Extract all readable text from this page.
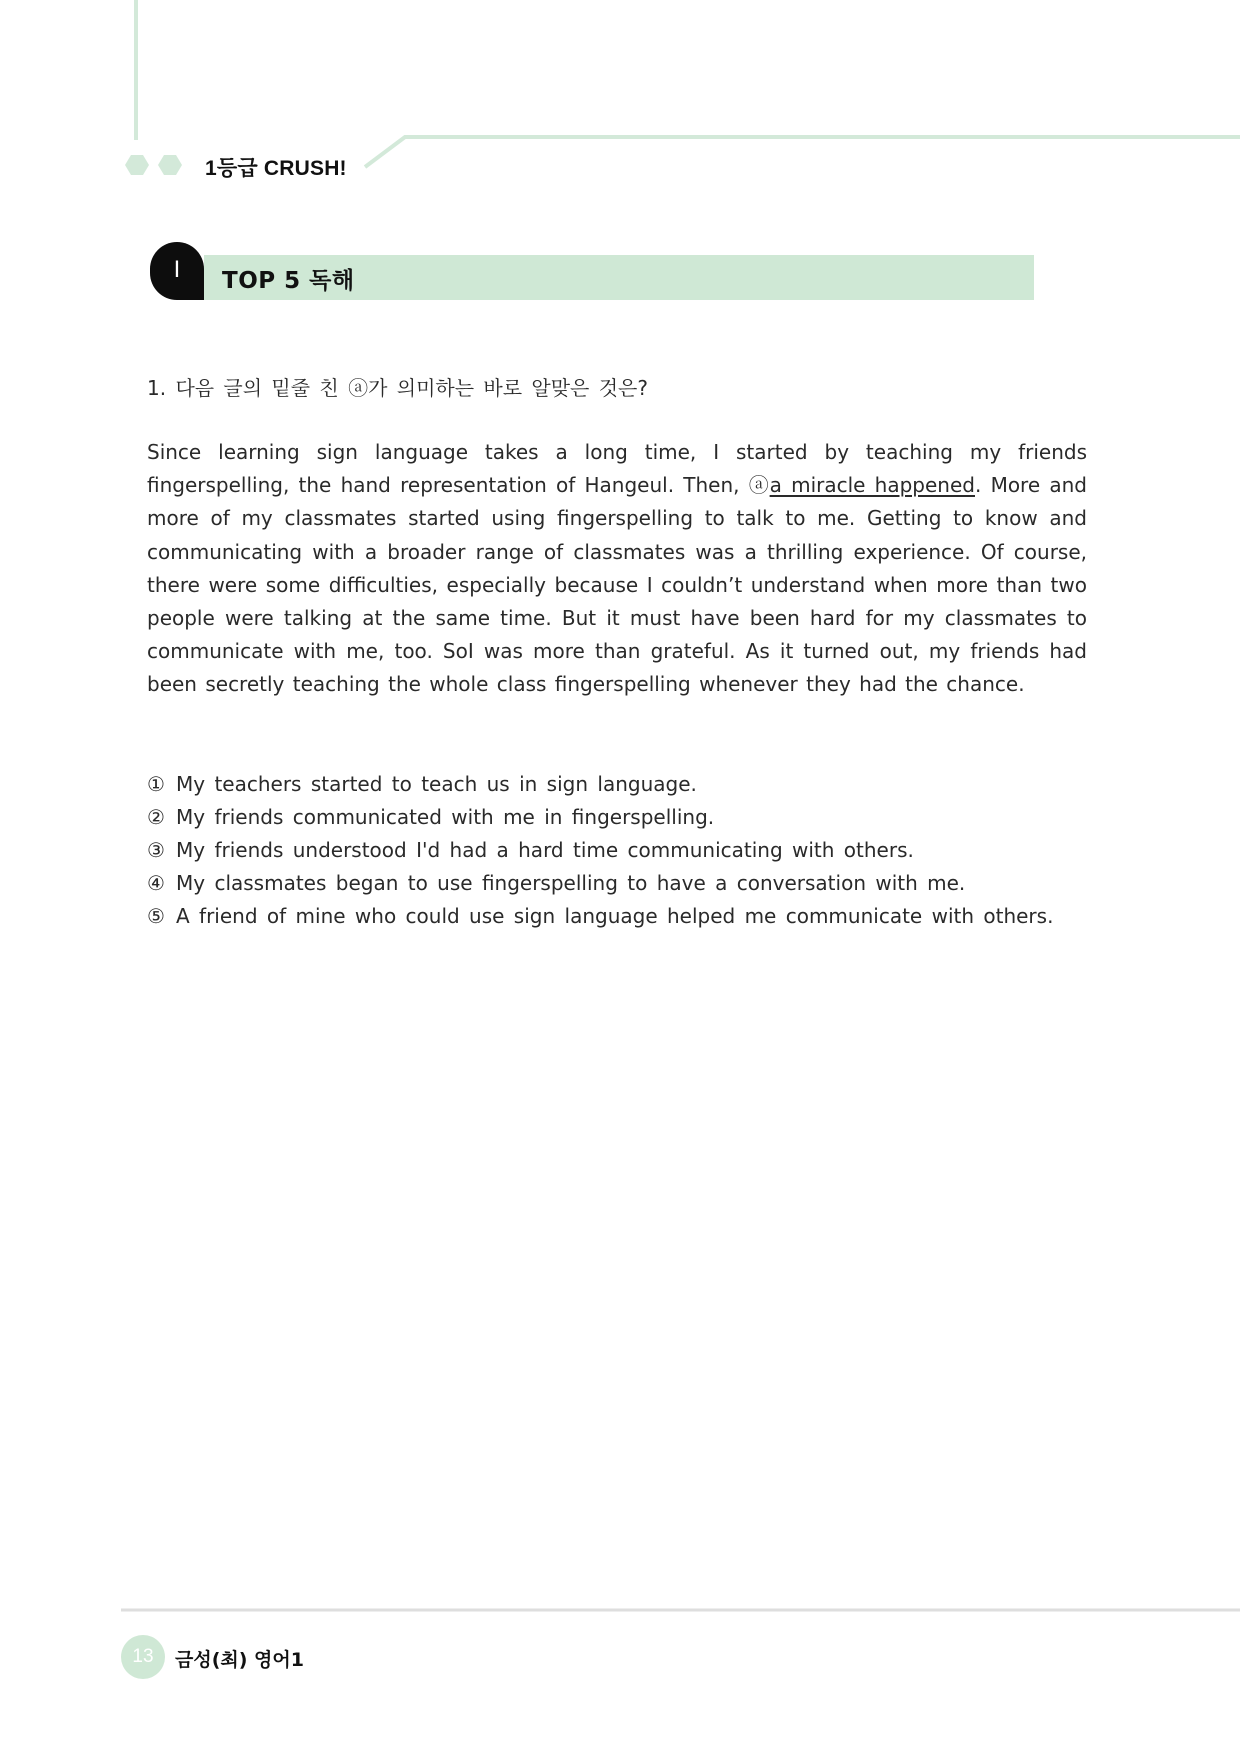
1등급 CRUSH!
I	TOP 5 독해
1. 다음 글의 밑줄 친 ⓐ가 의미하는 바로 알맞은 것은?
Since learning sign language takes a long time, I started by teaching my friends fingerspelling, the hand representation of Hangeul. Then, ⓐa miracle happened. More and more of my classmates started using fingerspelling to talk to me. Getting to know and communicating with a broader range of classmates was a thrilling experience. Of course, there were some difficulties, especially because I couldn’t understand when more than two people were talking at the same time. But it must have been hard for my classmates to communicate with me, too. SoI was more than grateful. As it turned out, my friends had been secretly teaching the whole class fingerspelling whenever they had the chance.
① My teachers started to teach us in sign language.
② My friends communicated with me in fingerspelling.
③ My friends understood I'd had a hard time communicating with others.
④ My classmates began to use fingerspelling to have a conversation with me.
⑤ A friend of mine who could use sign language helped me communicate with others.
13	금성(최) 영어1
